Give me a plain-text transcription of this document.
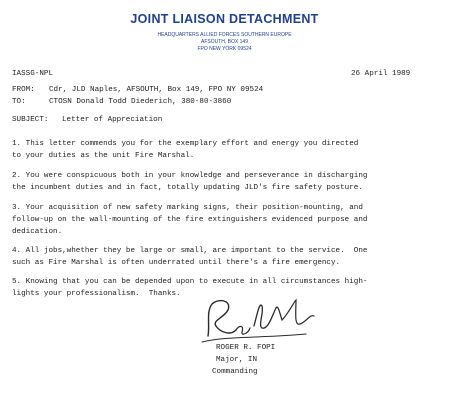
JOINT LIAISON DETACHMENT
HEADQUARTERS ALLIED FORCES SOUTHERN EUROPE
AFSOUTH, BOX 149
FPO NEW YORK 09524
IASSG-NPL	26 April 1989
FROM: Cdr, JLD Naples, AFSOUTH, Box 149, FPO NY 09524
TO:	CTOSN Donald Todd Diederich, 380-80-3860
SUBJECT: Letter of Appreciation
1. This letter commends you for the exemplary effort and energy you directed
to your duties as the unit Fire Marshal.
2. You were conspicuous both in your knowledge and perseverance in discharging
the incumbent duties and in fact, totally updating JLD's fire safety posture.
3. Your acquisition of new safety marking signs, their position-mounting, and
follow-up on the wall-mounting of the fire extinguishers evidenced purpose and
dedication.
4. All jobs,whether they be large or small, are important to the service.  One
such as Fire Marshal is often underrated until there's a fire emergency.
5. Knowing that you can be depended upon to execute in all circumstances high-
lights your professionalism.  Thanks.
ROGER R. FOPI
Major, IN
Commanding
